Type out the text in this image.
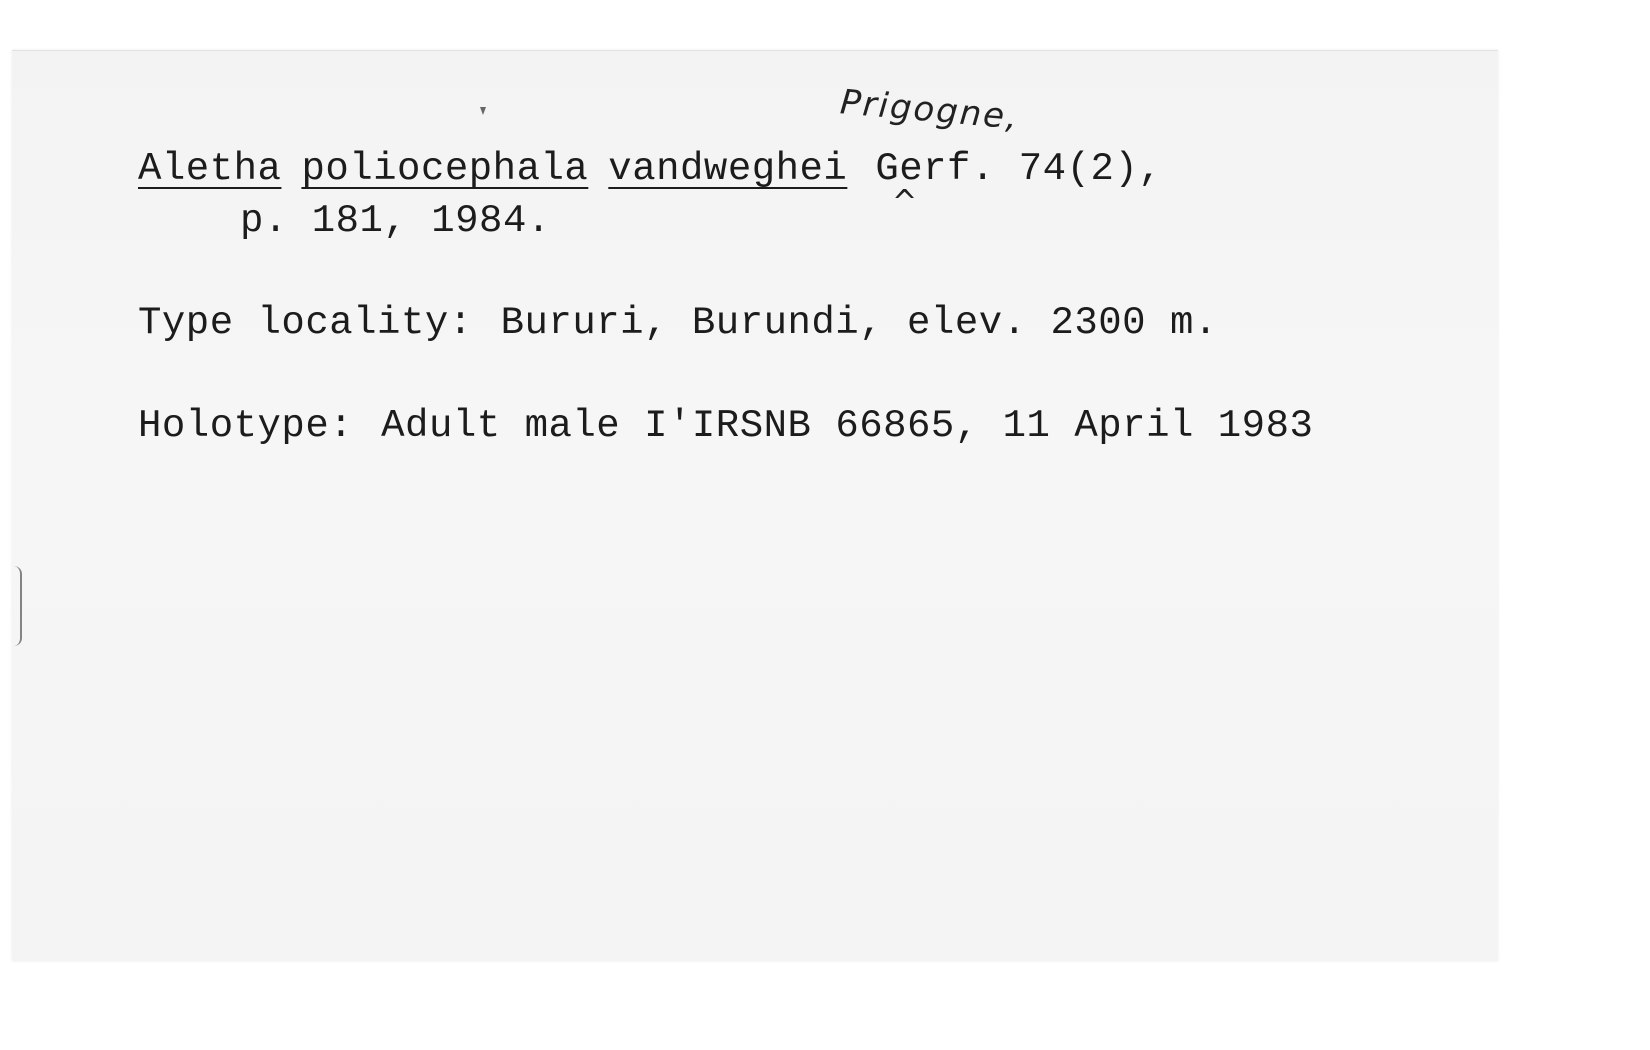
Prigogne,
^
Aletha poliocephala vandweghei Gerf. 74(2),
p. 181, 1984.
Type locality: Bururi, Burundi, elev. 2300 m.
Holotype: Adult male I'IRSNB 66865, 11 April 1983
